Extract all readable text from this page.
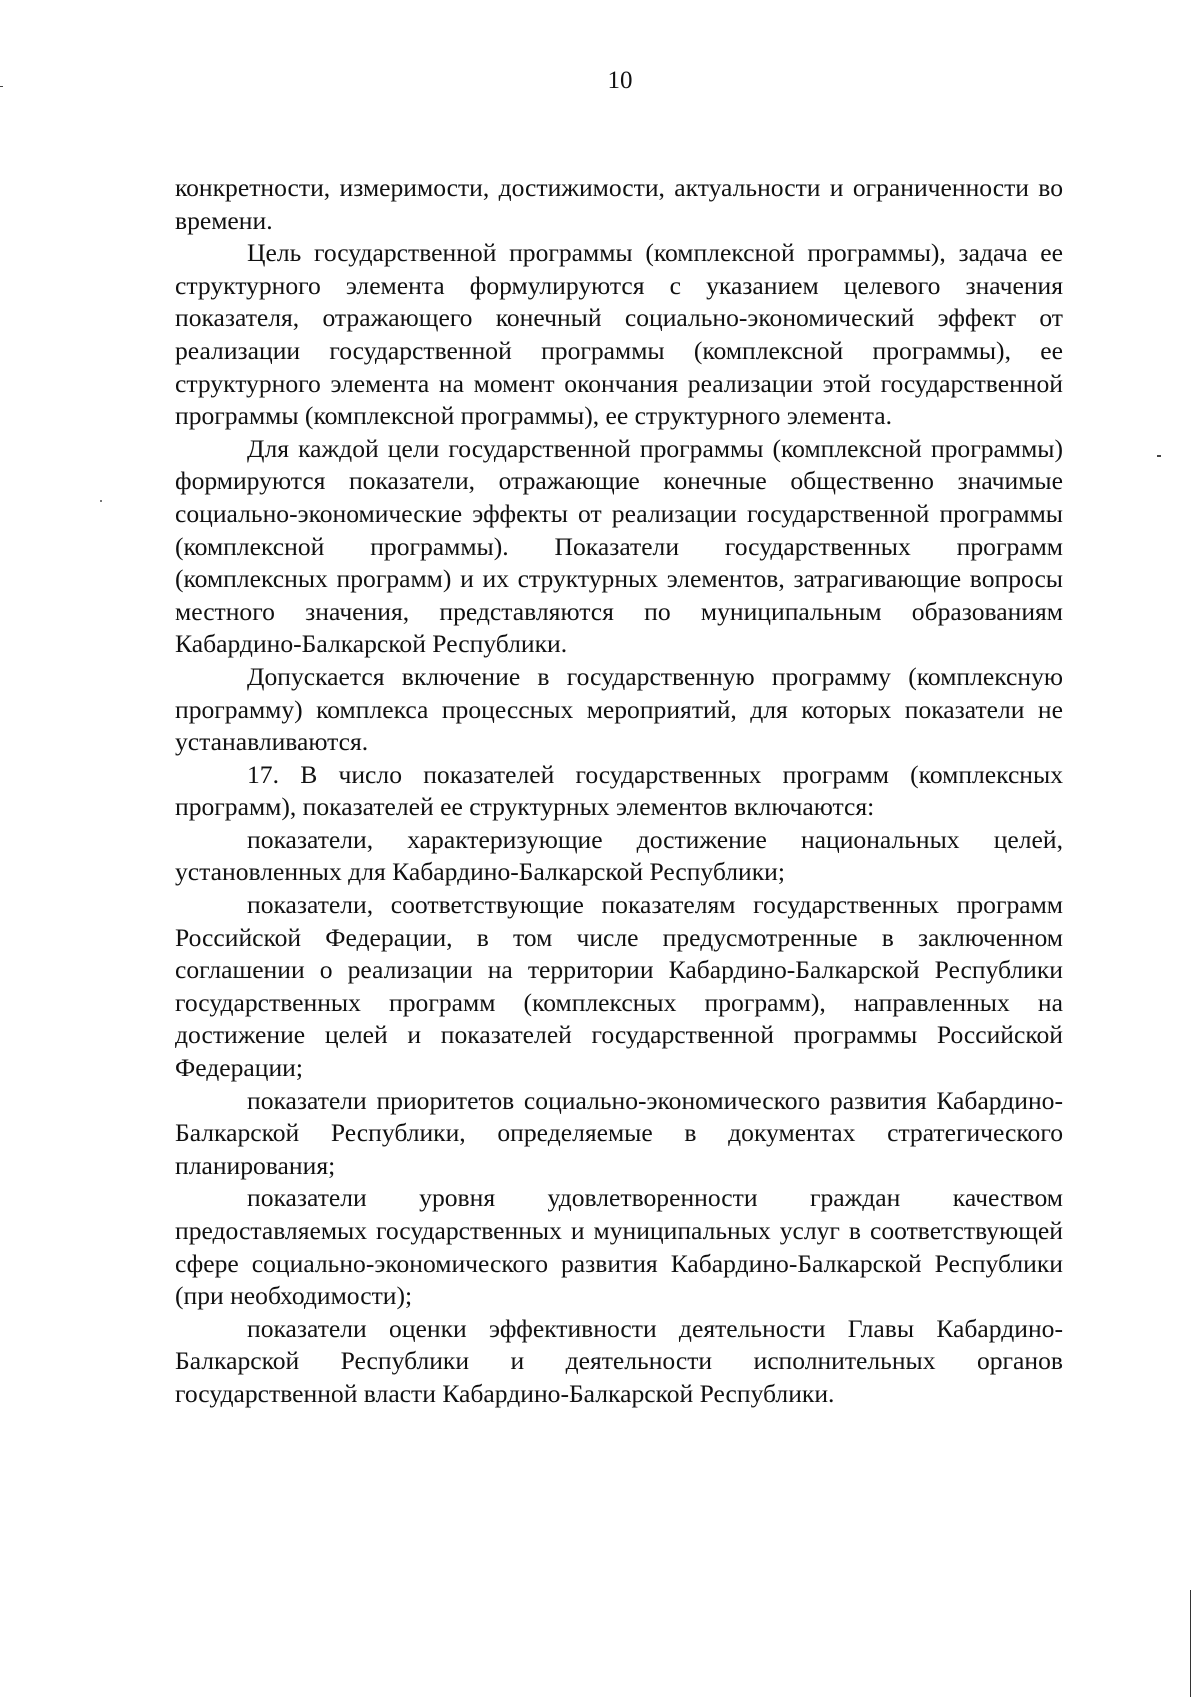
10

конкретности, измеримости, достижимости, актуальности и ограниченности во времени.

Цель государственной программы (комплексной программы), задача ее структурного элемента формулируются с указанием целевого значения показателя, отражающего конечный социально-экономический эффект от реализации государственной программы (комплексной программы), ее структурного элемента на момент окончания реализации этой государственной программы (комплексной программы), ее структурного элемента.

Для каждой цели государственной программы (комплексной программы) формируются показатели, отражающие конечные общественно значимые социально-экономические эффекты от реализации государственной программы (комплексной программы). Показатели государственных программ (комплексных программ) и их структурных элементов, затрагивающие вопросы местного значения, представляются по муниципальным образованиям Кабардино-Балкарской Республики.

Допускается включение в государственную программу (комплексную программу) комплекса процессных мероприятий, для которых показатели не устанавливаются.

17. В число показателей государственных программ (комплексных программ), показателей ее структурных элементов включаются:

показатели, характеризующие достижение национальных целей, установленных для Кабардино-Балкарской Республики;

показатели, соответствующие показателям государственных программ Российской Федерации, в том числе предусмотренные в заключенном соглашении о реализации на территории Кабардино-Балкарской Республики государственных программ (комплексных программ), направленных на достижение целей и показателей государственной программы Российской Федерации;

показатели приоритетов социально-экономического развития Кабардино-Балкарской Республики, определяемые в документах стратегического планирования;

показатели уровня удовлетворенности граждан качеством предоставляемых государственных и муниципальных услуг в соответствующей сфере социально-экономического развития Кабардино-Балкарской Республики (при необходимости);

показатели оценки эффективности деятельности Главы Кабардино-Балкарской Республики и деятельности исполнительных органов государственной власти Кабардино-Балкарской Республики.
